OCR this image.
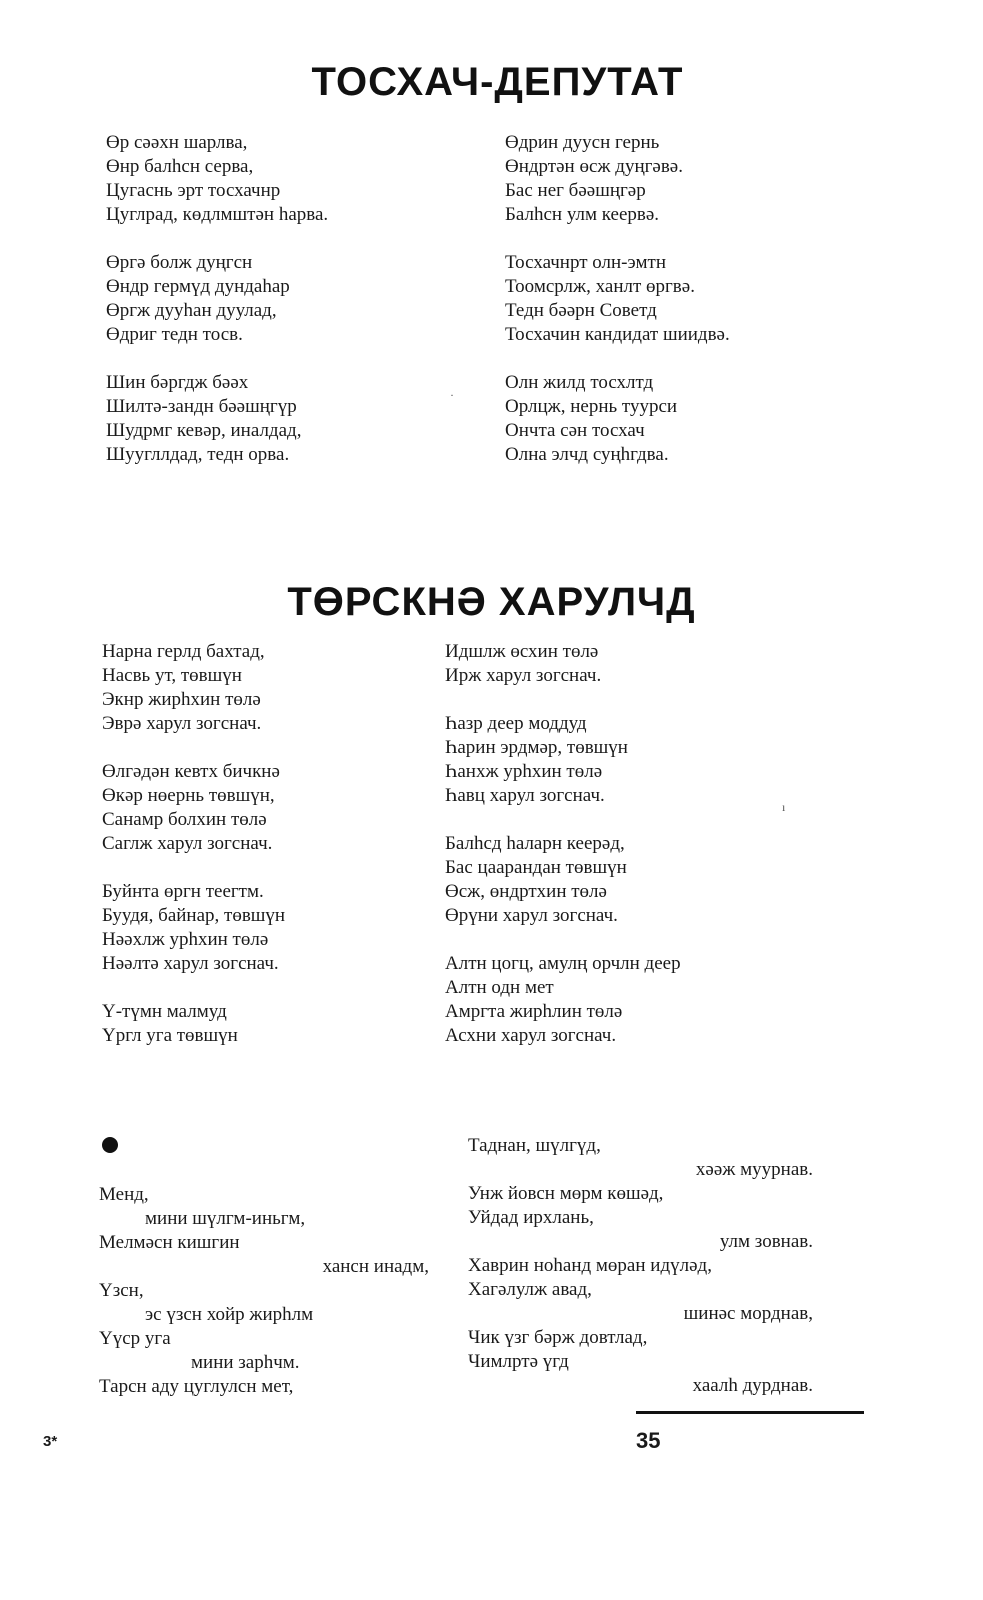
ТОСХАЧ-ДЕПУТАТ
Өр сәәхн шарлва,
Өнр балһсн серва,
Цугаснь эрт тосхачнр
Цуглрад, көдлмштән һарва.
Өргә болж дуңгсн
Өндр гермүд дундаһар
Өргж дууһан дуулад,
Өдриг тедн тосв.
Шин бәргдж бәәх
Шилтә-зандн бәәшңгүр
Шудрмг кевәр, иналдад,
Шуугллдад, тедн орва.
Өдрин дуусн гернь
Өндртән өсж дуңгәвә.
Бас нег бәәшңгәр
Балһсн улм кеервә.
Тосхачнрт олн-эмтн
Тоомсрлж, ханлт өргвә.
Тедн бәәрн Советд
Тосхачин кандидат шиидвә.
Олн жилд тосхлтд
Орлцж, нернь туурси
Ончта сән тосхач
Олна элчд суңһгдва.
·
ТӨРСКНӘ ХАРУЛЧД
Нарна герлд бахтад,
Насвь ут, төвшүн
Экнр жирһхин төлә
Эврә харул зогснач.
Өлгәдән кевтх бичкнә
Өкәр нөернь төвшүн,
Санамр болхин төлә
Саглж харул зогснач.
Буйнта өргн теегтм.
Буудя, байнар, төвшүн
Нәәхлж урһхин төлә
Нәәлтә харул зогснач.
Ү-түмн малмуд
Үргл уга төвшүн
Идшлж өсхин төлә
Иpж харул зогснач.
Һазр деер моддуд
Һарин эрдмәр, төвшүн
Һанхж урһхин төлә
Һавц харул зогснач.
Балһсд һаларн кеерәд,
Бас цаарандан төвшүн
Өсж, өндртхин төлә
Өрүни харул зогснач.
Алтн цогц, амулң орчлн деер
Алтн одн мет
Амргта жирһлин төлә
Асхни харул зогснач.
ı
Менд,
мини шүлгм-иньгм,
Мелмәсн кишгин
хансн инадм,
Үзсн,
эс үзсн хойр жирһлм
Үүср уга
мини зарһчм.
Тарсн аду цуглулсн мет,
Таднан, шүлгүд,
хәәж муурнав.
Унж йовсн мөрм көшәд,
Уйдад ирхлань,
улм зовнав.
Хаврин ноһанд мөран идүләд,
Хагәлулж авад,
шинәс морднав,
Чик үзг бәрж довтлад,
Чимлртә үгд
хаалһ дурднав.
3*	35
